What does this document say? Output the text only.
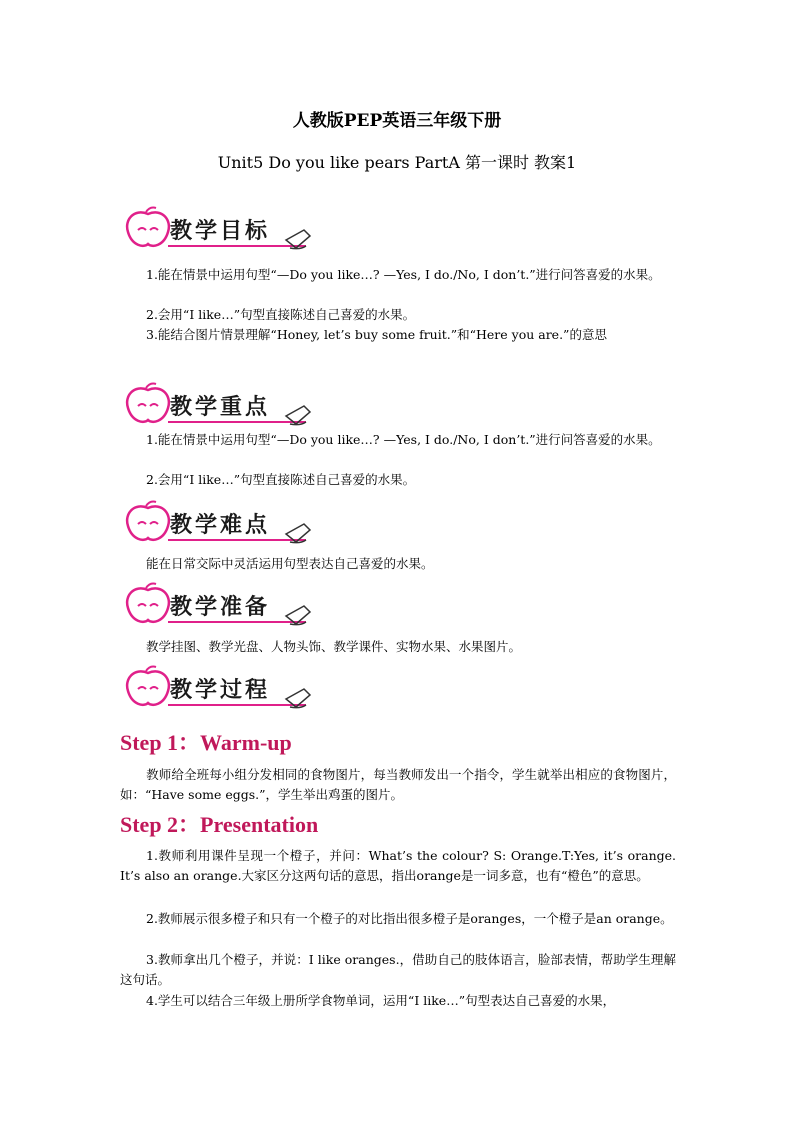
人教版PEP英语三年级下册
Unit5 Do you like pears PartA 第一课时 教案1
教学目标
1.能在情景中运用句型“—Do you like…? —Yes, I do./No, I don’t.”进行问答喜爱的水果。
2.会用“I like…”句型直接陈述自己喜爱的水果。
3.能结合图片情景理解“Honey, let’s buy some fruit.”和“Here you are.”的意思
教学重点
1.能在情景中运用句型“—Do you like…? —Yes, I do./No, I don’t.”进行问答喜爱的水果。
2.会用“I like…”句型直接陈述自己喜爱的水果。
教学难点
能在日常交际中灵活运用句型表达自己喜爱的水果。
教学准备
教学挂图、教学光盘、人物头饰、教学课件、实物水果、水果图片。
教学过程
Step 1：Warm-up
教师给全班每小组分发相同的食物图片，每当教师发出一个指令，学生就举出相应的食物图片，如：“Have some eggs.”，学生举出鸡蛋的图片。
Step 2：Presentation
1.教师利用课件呈现一个橙子，并问：What’s the colour? S: Orange.T:Yes, it’s orange. It’s also an orange.大家区分这两句话的意思，指出orange是一词多意，也有“橙色”的意思。
2.教师展示很多橙子和只有一个橙子的对比指出很多橙子是oranges，一个橙子是an orange。
3.教师拿出几个橙子，并说：I like oranges.，借助自己的肢体语言，脸部表情，帮助学生理解这句话。
4.学生可以结合三年级上册所学食物单词，运用“I like…”句型表达自己喜爱的水果，
